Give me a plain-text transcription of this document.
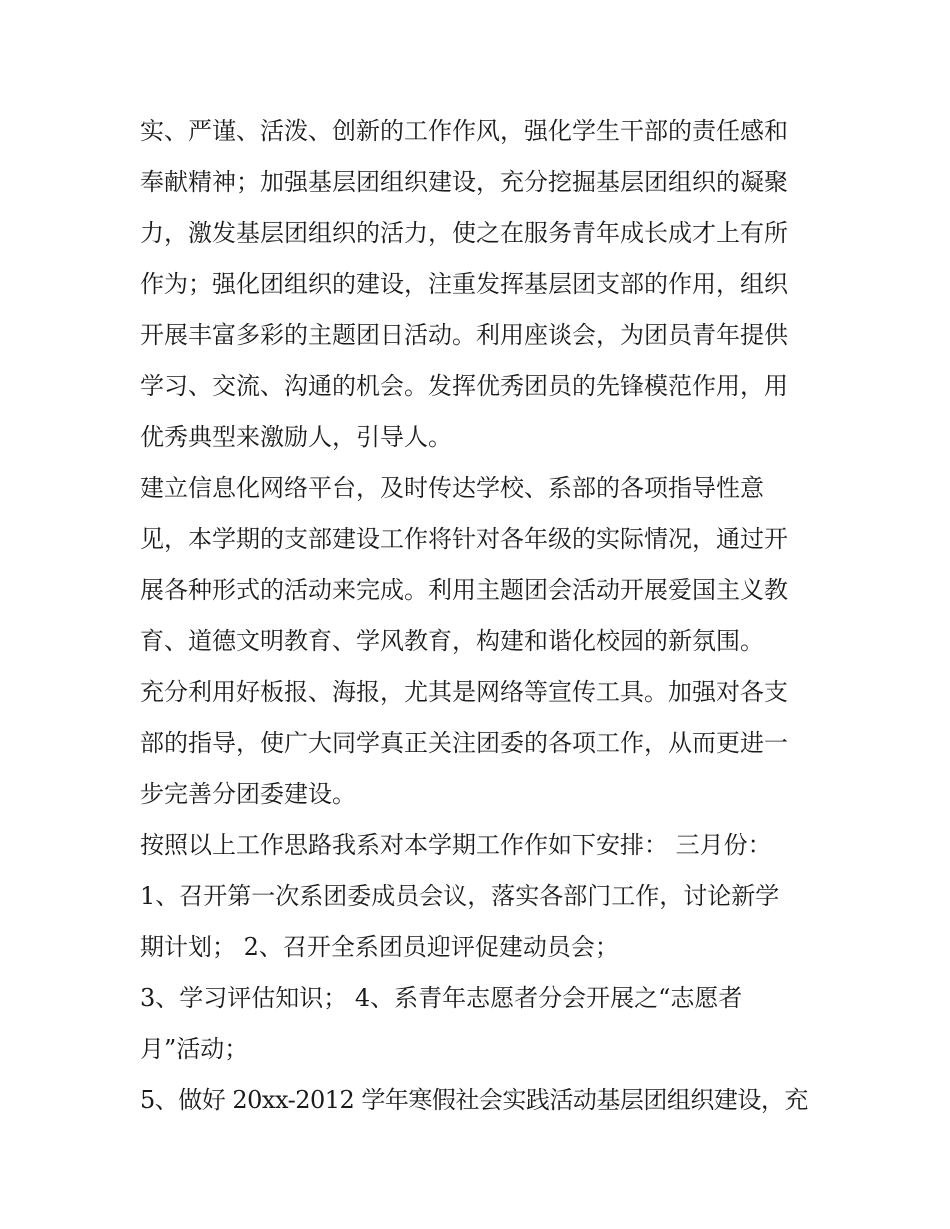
实、严谨、活泼、创新的工作作风，强化学生干部的责任感和
奉献精神；加强基层团组织建设，充分挖掘基层团组织的凝聚
力，激发基层团组织的活力，使之在服务青年成长成才上有所
作为；强化团组织的建设，注重发挥基层团支部的作用，组织
开展丰富多彩的主题团日活动。利用座谈会，为团员青年提供
学习、交流、沟通的机会。发挥优秀团员的先锋模范作用，用
优秀典型来激励人，引导人。
建立信息化网络平台，及时传达学校、系部的各项指导性意
见，本学期的支部建设工作将针对各年级的实际情况，通过开
展各种形式的活动来完成。利用主题团会活动开展爱国主义教
育、道德文明教育、学风教育，构建和谐化校园的新氛围。
充分利用好板报、海报，尤其是网络等宣传工具。加强对各支
部的指导，使广大同学真正关注团委的各项工作，从而更进一
步完善分团委建设。
按照以上工作思路我系对本学期工作作如下安排： 三月份：
1、召开第一次系团委成员会议，落实各部门工作，讨论新学
期计划； 2、召开全系团员迎评促建动员会；
3、学习评估知识； 4、系青年志愿者分会开展之“志愿者
月”活动；
5、做好 20xx-2012 学年寒假社会实践活动基层团组织建设，充
